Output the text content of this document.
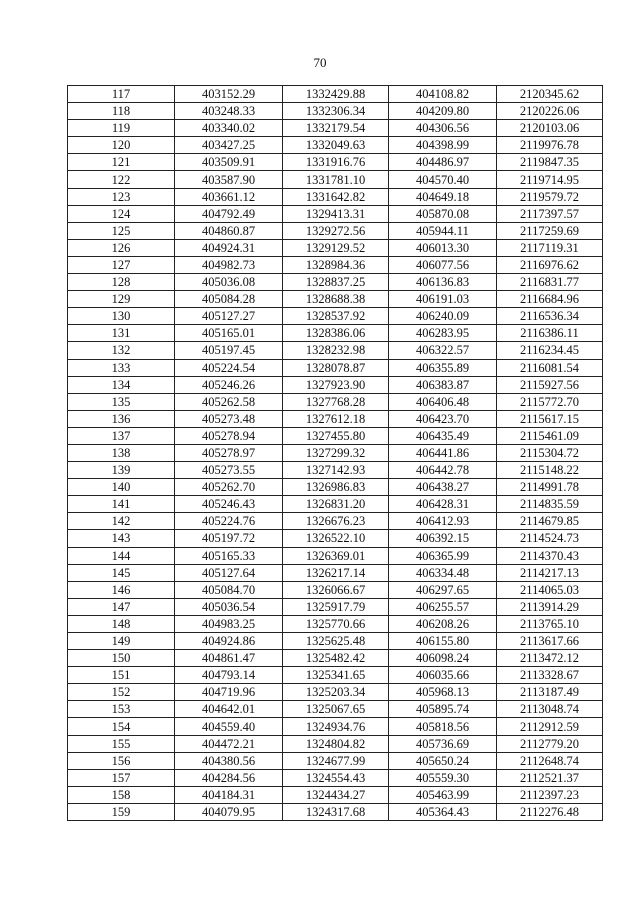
70
117	403152.29	1332429.88	404108.82	2120345.62
118	403248.33	1332306.34	404209.80	2120226.06
119	403340.02	1332179.54	404306.56	2120103.06
120	403427.25	1332049.63	404398.99	2119976.78
121	403509.91	1331916.76	404486.97	2119847.35
122	403587.90	1331781.10	404570.40	2119714.95
123	403661.12	1331642.82	404649.18	2119579.72
124	404792.49	1329413.31	405870.08	2117397.57
125	404860.87	1329272.56	405944.11	2117259.69
126	404924.31	1329129.52	406013.30	2117119.31
127	404982.73	1328984.36	406077.56	2116976.62
128	405036.08	1328837.25	406136.83	2116831.77
129	405084.28	1328688.38	406191.03	2116684.96
130	405127.27	1328537.92	406240.09	2116536.34
131	405165.01	1328386.06	406283.95	2116386.11
132	405197.45	1328232.98	406322.57	2116234.45
133	405224.54	1328078.87	406355.89	2116081.54
134	405246.26	1327923.90	406383.87	2115927.56
135	405262.58	1327768.28	406406.48	2115772.70
136	405273.48	1327612.18	406423.70	2115617.15
137	405278.94	1327455.80	406435.49	2115461.09
138	405278.97	1327299.32	406441.86	2115304.72
139	405273.55	1327142.93	406442.78	2115148.22
140	405262.70	1326986.83	406438.27	2114991.78
141	405246.43	1326831.20	406428.31	2114835.59
142	405224.76	1326676.23	406412.93	2114679.85
143	405197.72	1326522.10	406392.15	2114524.73
144	405165.33	1326369.01	406365.99	2114370.43
145	405127.64	1326217.14	406334.48	2114217.13
146	405084.70	1326066.67	406297.65	2114065.03
147	405036.54	1325917.79	406255.57	2113914.29
148	404983.25	1325770.66	406208.26	2113765.10
149	404924.86	1325625.48	406155.80	2113617.66
150	404861.47	1325482.42	406098.24	2113472.12
151	404793.14	1325341.65	406035.66	2113328.67
152	404719.96	1325203.34	405968.13	2113187.49
153	404642.01	1325067.65	405895.74	2113048.74
154	404559.40	1324934.76	405818.56	2112912.59
155	404472.21	1324804.82	405736.69	2112779.20
156	404380.56	1324677.99	405650.24	2112648.74
157	404284.56	1324554.43	405559.30	2112521.37
158	404184.31	1324434.27	405463.99	2112397.23
159	404079.95	1324317.68	405364.43	2112276.48
